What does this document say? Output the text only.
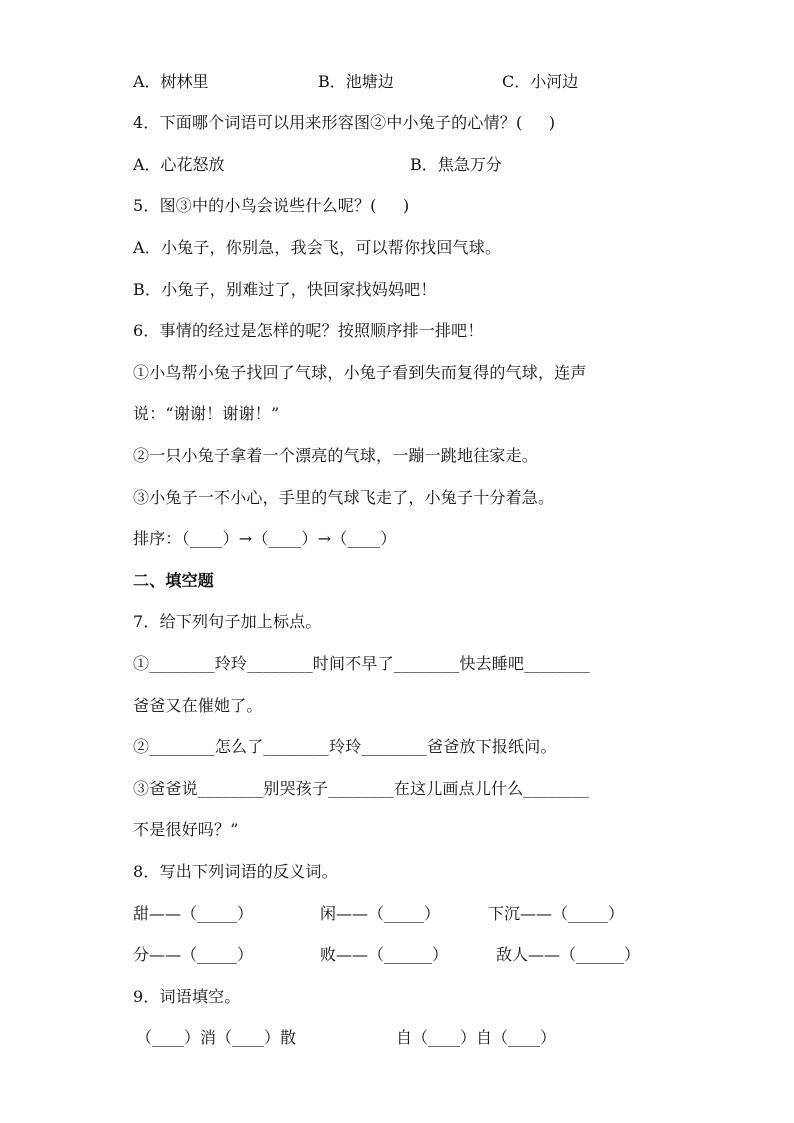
A．树林里	B．池塘边	C．小河边
4．下面哪个词语可以用来形容图②中小兔子的心情？(     )
A．心花怒放	B．焦急万分
5．图③中的小鸟会说些什么呢？(     )
A．小兔子，你别急，我会飞，可以帮你找回气球。
B．小兔子，别难过了，快回家找妈妈吧！
6．事情的经过是怎样的呢？按照顺序排一排吧！
①小鸟帮小兔子找回了气球，小兔子看到失而复得的气球，连声
说：“谢谢！谢谢！”
②一只小兔子拿着一个漂亮的气球，一蹦一跳地往家走。
③小兔子一不小心，手里的气球飞走了，小兔子十分着急。
排序：（____）→（____）→（____）
二、填空题
7．给下列句子加上标点。
①________玲玲________时间不早了________快去睡吧________
爸爸又在催她了。
②________怎么了________玲玲________爸爸放下报纸问。
③爸爸说________别哭孩子________在这儿画点儿什么________
不是很好吗？”
8．写出下列词语的反义词。
甜——（_____）	闲——（_____）	下沉——（_____）
分——（_____）	败——（______）	敌人——（______）
9．词语填空。
（____）消（____）散	自（____）自（____）
